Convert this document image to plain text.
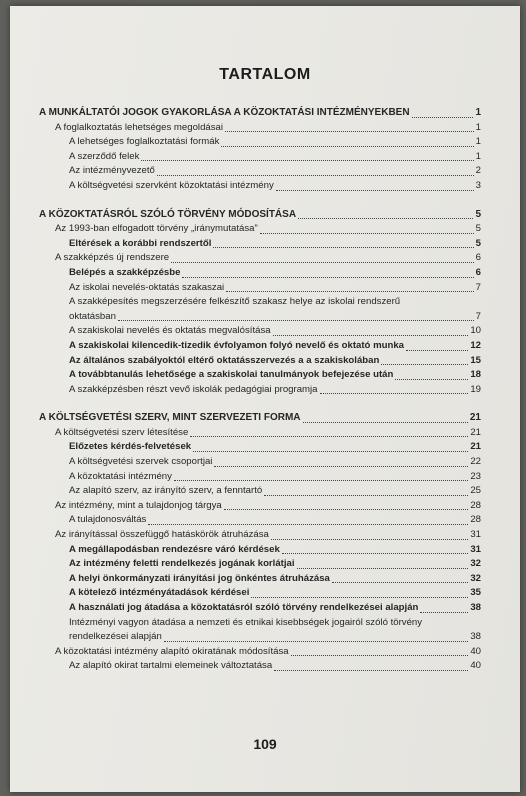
TARTALOM
A MUNKÁLTATÓI JOGOK GYAKORLÁSA A KÖZOKTATÁSI INTÉZMÉNYEKBEN	1
A foglalkoztatás lehetséges megoldásai	1
A lehetséges foglalkoztatási formák	1
A szerződő felek	1
Az intézményvezető	2
A költségvetési szervként közoktatási intézmény	3
A KÖZOKTATÁSRÓL SZÓLÓ TÖRVÉNY MÓDOSÍTÁSA	5
Az 1993-ban elfogadott törvény „iránymutatása”	5
Eltérések a korábbi rendszertől	5
A szakképzés új rendszere	6
Belépés a szakképzésbe	6
Az iskolai nevelés-oktatás szakaszai	7
A szakképesítés megszerzésére felkészítő szakasz helye az iskolai rendszerű
oktatásban	7
A szakiskolai nevelés és oktatás megvalósítása	10
A szakiskolai kilencedik-tizedik évfolyamon folyó nevelő és oktató munka	12
Az általános szabályoktól eltérő oktatásszervezés a a szakiskolában	15
A továbbtanulás lehetősége a szakiskolai tanulmányok befejezése után	18
A szakképzésben részt vevő iskolák pedagógiai programja	19
A KÖLTSÉGVETÉSI SZERV, MINT SZERVEZETI FORMA	21
A költségvetési szerv létesítése	21
Előzetes kérdés-felvetések	21
A költségvetési szervek csoportjai	22
A közoktatási intézmény	23
Az alapító szerv, az irányító szerv, a fenntartó	25
Az intézmény, mint a tulajdonjog tárgya	28
A tulajdonosváltás	28
Az irányítással összefüggő hatáskörök átruházása	31
A megállapodásban rendezésre váró kérdések	31
Az intézmény feletti rendelkezés jogának korlátjai	32
A helyi önkormányzati irányítási jog önkéntes átruházása	32
A kötelező intézményátadások kérdései	35
A használati jog átadása a közoktatásról szóló törvény rendelkezései alapján	38
Intézményi vagyon átadása a nemzeti és etnikai kisebbségek jogairól szóló törvény
rendelkezései alapján	38
A közoktatási intézmény alapító okiratának módosítása	40
Az alapító okirat tartalmi elemeinek változtatása	40
109
